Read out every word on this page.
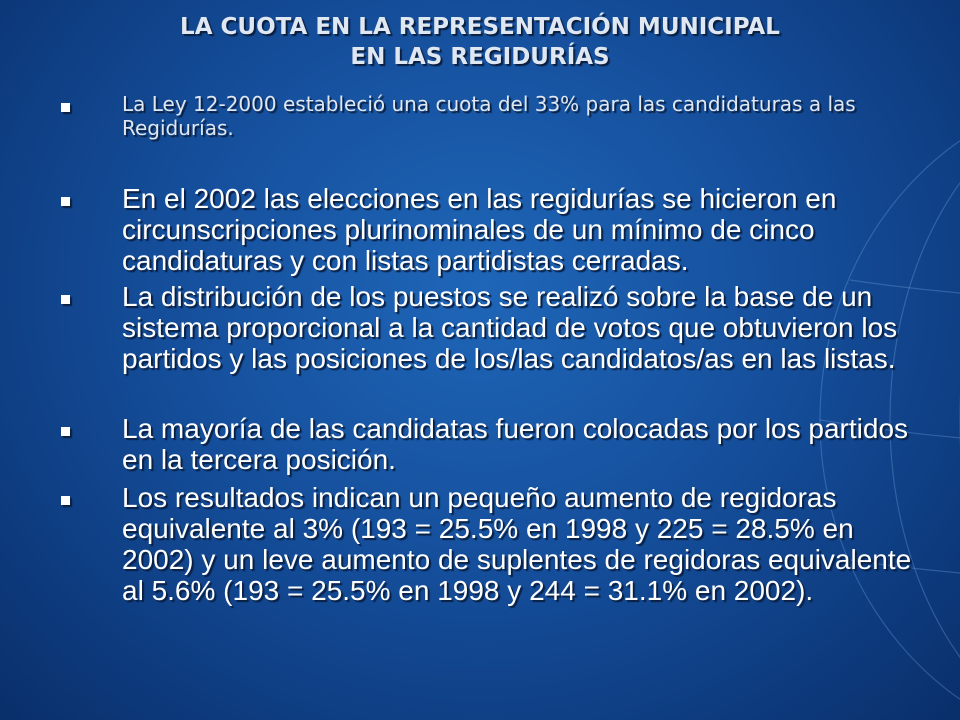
LA CUOTA EN LA REPRESENTACIÓN MUNICIPAL
EN LAS REGIDURÍAS
La Ley 12-2000 estableció una cuota del 33% para las candidaturas a las Regidurías.
En el 2002 las elecciones en las regidurías se hicieron en circunscripciones plurinominales de un mínimo de cinco candidaturas y con listas partidistas cerradas.
La distribución de los puestos se realizó sobre la base de un sistema proporcional a la cantidad de votos que obtuvieron los partidos y las posiciones de los/las candidatos/as en las listas.
La mayoría de las candidatas fueron colocadas por los partidos en la tercera posición.
Los resultados indican un pequeño aumento de regidoras equivalente al 3% (193 = 25.5% en 1998 y 225 = 28.5% en 2002) y un leve aumento de suplentes de regidoras equivalente al 5.6% (193 = 25.5% en 1998 y 244 = 31.1% en 2002).
